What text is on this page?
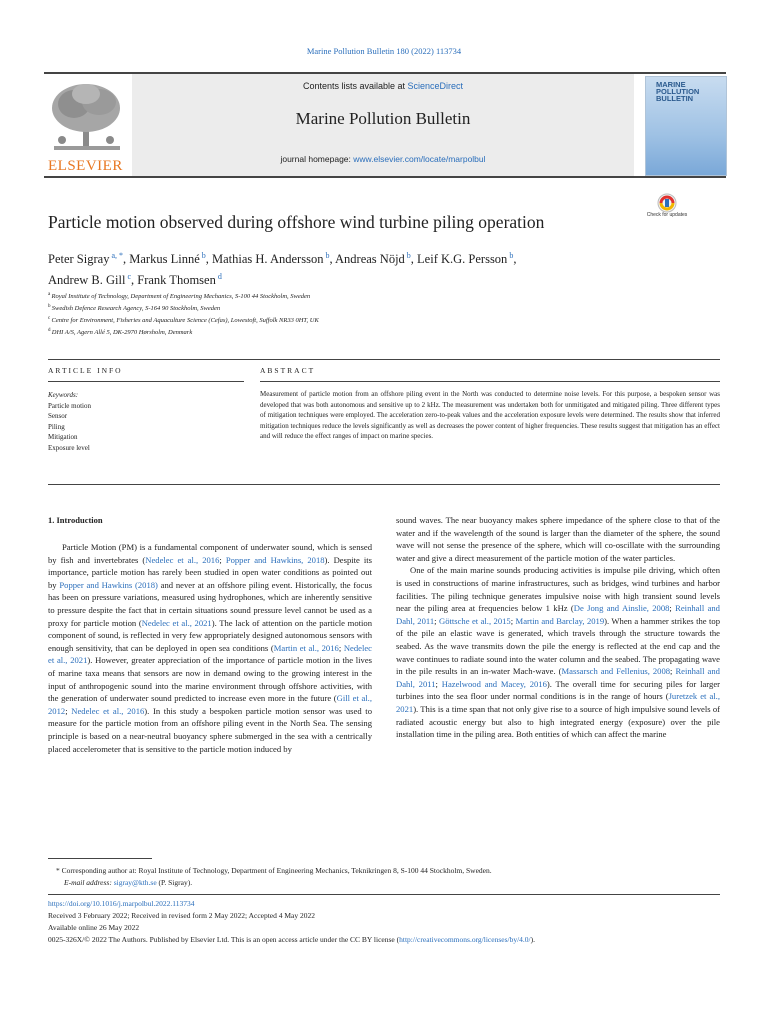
Marine Pollution Bulletin 180 (2022) 113734
ELSEVIER
Contents lists available at ScienceDirect
Marine Pollution Bulletin
journal homepage: www.elsevier.com/locate/marpolbul
MARINE POLLUTION BULLETIN
Particle motion observed during offshore wind turbine piling operation	Check for updates
Peter Sigray $^{a, *}$, Markus Linné $^b$, Mathias H. Andersson $^b$, Andreas Nöjd $^b$, Leif K.G. Persson $^b$,
Andrew B. Gill $^c$, Frank Thomsen $^d$
$^a$ Royal Institute of Technology, Department of Engineering Mechanics, S-100 44 Stockholm, Sweden
$^b$ Swedish Defence Research Agency, S-164 90 Stockholm, Sweden
$^c$ Centre for Environment, Fisheries and Aquaculture Science (Cefas), Lowestoft, Suffolk NR33 0HT, UK
$^d$ DHI A/S, Agern Allé 5, DK-2970 Hørsholm, Denmark
ARTICLE INFO
Keywords:
Particle motion
Sensor
Piling
Mitigation
Exposure level
ABSTRACT
Measurement of particle motion from an offshore piling event in the North was conducted to determine noise levels. For this purpose, a bespoken sensor was developed that was both autonomous and sensitive up to 2 kHz. The measurement was undertaken both for unmitigated and mitigated piling. Three different types of mitigation techniques were employed. The acceleration zero-to-peak values and the acceleration exposure levels were determined. The results show that inferred mitigation techniques reduce the levels significantly as well as decreases the power content of higher frequencies. These results suggest that mitigation has an effect and will reduce the effect ranges of impact on marine species.
1. Introduction

Particle Motion (PM) is a fundamental component of underwater sound, which is sensed by fish and invertebrates (Nedelec et al., 2016; Popper and Hawkins, 2018). Despite its importance, particle motion has rarely been studied in open water conditions as pointed out by Popper and Hawkins (2018) and never at an offshore piling event. Historically, the focus has been on pressure variations, measured using hydrophones, which are inherently sensitive to pressure despite the fact that in certain situations sound pressure level cannot be used as a proxy for particle motion (Nedelec et al., 2021). The lack of attention on the particle motion component of sound, is reflected in very few appropriately designed autonomous sensors with enough sensitivity, that can be deployed in open sea conditions (Martin et al., 2016; Nedelec et al., 2021). However, greater appreciation of the importance of particle motion in the lives of marine taxa means that sensors are now in demand owing to the growing interest in the input of anthropogenic sound into the marine environment through offshore activities, with the generation of underwater sound predicted to increase even more in the future (Gill et al., 2012; Nedelec et al., 2016). In this study a bespoken particle motion sensor was used to measure for the particle motion from an offshore piling event in the North Sea. The sensing principle is based on a near-neutral buoyancy sphere submerged in the sea with a centrically placed accelerometer that is sensitive to the particle motion induced by

sound waves. The near buoyancy makes sphere impedance of the sphere close to that of the water and if the wavelength of the sound is larger than the diameter of the sphere, the sound wave will not sense the presence of the sphere, which will co-oscillate with the surrounding water and give a direct measurement of the particle motion of the water particles.

One of the main marine sounds producing activities is impulse pile driving, which often is used in constructions of marine infrastructures, such as bridges, wind turbines and harbor facilities. The piling technique generates impulsive noise with high transient sound levels near the piling area at frequencies below 1 kHz (De Jong and Ainslie, 2008; Reinhall and Dahl, 2011; Göttsche et al., 2015; Martin and Barclay, 2019). When a hammer strikes the top of the pile an elastic wave is generated, which travels through the structure towards the seabed. As the wave transmits down the pile the energy is reflected at the end cap and the wave continues to radiate sound into the water column and the seabed. The propagating wave in the pile results in an in-water Mach-wave. (Massarsch and Fellenius, 2008; Reinhall and Dahl, 2011; Hazelwood and Macey, 2016). The overall time for securing piles for larger turbines into the sea floor under normal conditions is in the range of hours (Juretzek et al., 2021). This is a time span that not only give rise to a source of high impulsive sound levels of radiated acoustic energy but also to high integrated energy (exposure) over the pile installation time in the piling area. Both entities of which can affect the marine

* Corresponding author at: Royal Institute of Technology, Department of Engineering Mechanics, Teknikringen 8, S-100 44 Stockholm, Sweden.
E-mail address: sigray@kth.se (P. Sigray).
https://doi.org/10.1016/j.marpolbul.2022.113734
Received 3 February 2022; Received in revised form 2 May 2022; Accepted 4 May 2022
Available online 26 May 2022
0025-326X/© 2022 The Authors. Published by Elsevier Ltd. This is an open access article under the CC BY license (http://creativecommons.org/licenses/by/4.0/).
